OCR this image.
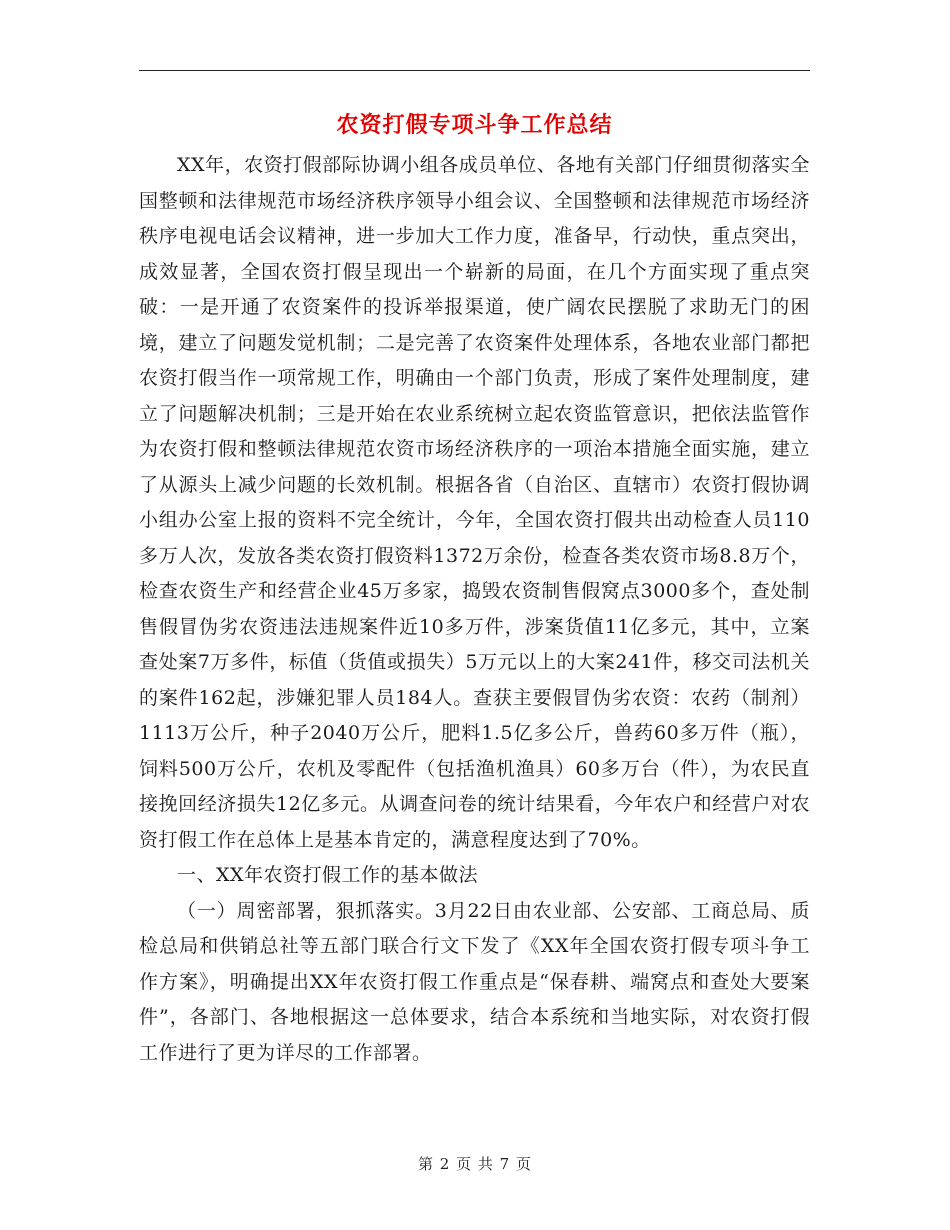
农资打假专项斗争工作总结

XX年，农资打假部际协调小组各成员单位、各地有关部门仔细贯彻落实全国整顿和法律规范市场经济秩序领导小组会议、全国整顿和法律规范市场经济秩序电视电话会议精神，进一步加大工作力度，准备早，行动快，重点突出，成效显著，全国农资打假呈现出一个崭新的局面，在几个方面实现了重点突破：一是开通了农资案件的投诉举报渠道，使广阔农民摆脱了求助无门的困境，建立了问题发觉机制；二是完善了农资案件处理体系，各地农业部门都把农资打假当作一项常规工作，明确由一个部门负责，形成了案件处理制度，建立了问题解决机制；三是开始在农业系统树立起农资监管意识，把依法监管作为农资打假和整顿法律规范农资市场经济秩序的一项治本措施全面实施，建立了从源头上减少问题的长效机制。根据各省（自治区、直辖市）农资打假协调小组办公室上报的资料不完全统计，今年，全国农资打假共出动检查人员110多万人次，发放各类农资打假资料1372万余份，检查各类农资市场8.8万个，检查农资生产和经营企业45万多家，捣毁农资制售假窝点3000多个，查处制售假冒伪劣农资违法违规案件近10多万件，涉案货值11亿多元，其中，立案查处案7万多件，标值（货值或损失）5万元以上的大案241件，移交司法机关的案件162起，涉嫌犯罪人员184人。查获主要假冒伪劣农资：农药（制剂）1113万公斤，种子2040万公斤，肥料1.5亿多公斤，兽药60多万件（瓶），饲料500万公斤，农机及零配件（包括渔机渔具）60多万台（件），为农民直接挽回经济损失12亿多元。从调查问卷的统计结果看，今年农户和经营户对农资打假工作在总体上是基本肯定的，满意程度达到了70%。

一、XX年农资打假工作的基本做法

（一）周密部署，狠抓落实。3月22日由农业部、公安部、工商总局、质检总局和供销总社等五部门联合行文下发了《XX年全国农资打假专项斗争工作方案》，明确提出XX年农资打假工作重点是“保春耕、端窝点和查处大要案件”，各部门、各地根据这一总体要求，结合本系统和当地实际，对农资打假工作进行了更为详尽的工作部署。

第 2 页 共 7 页
